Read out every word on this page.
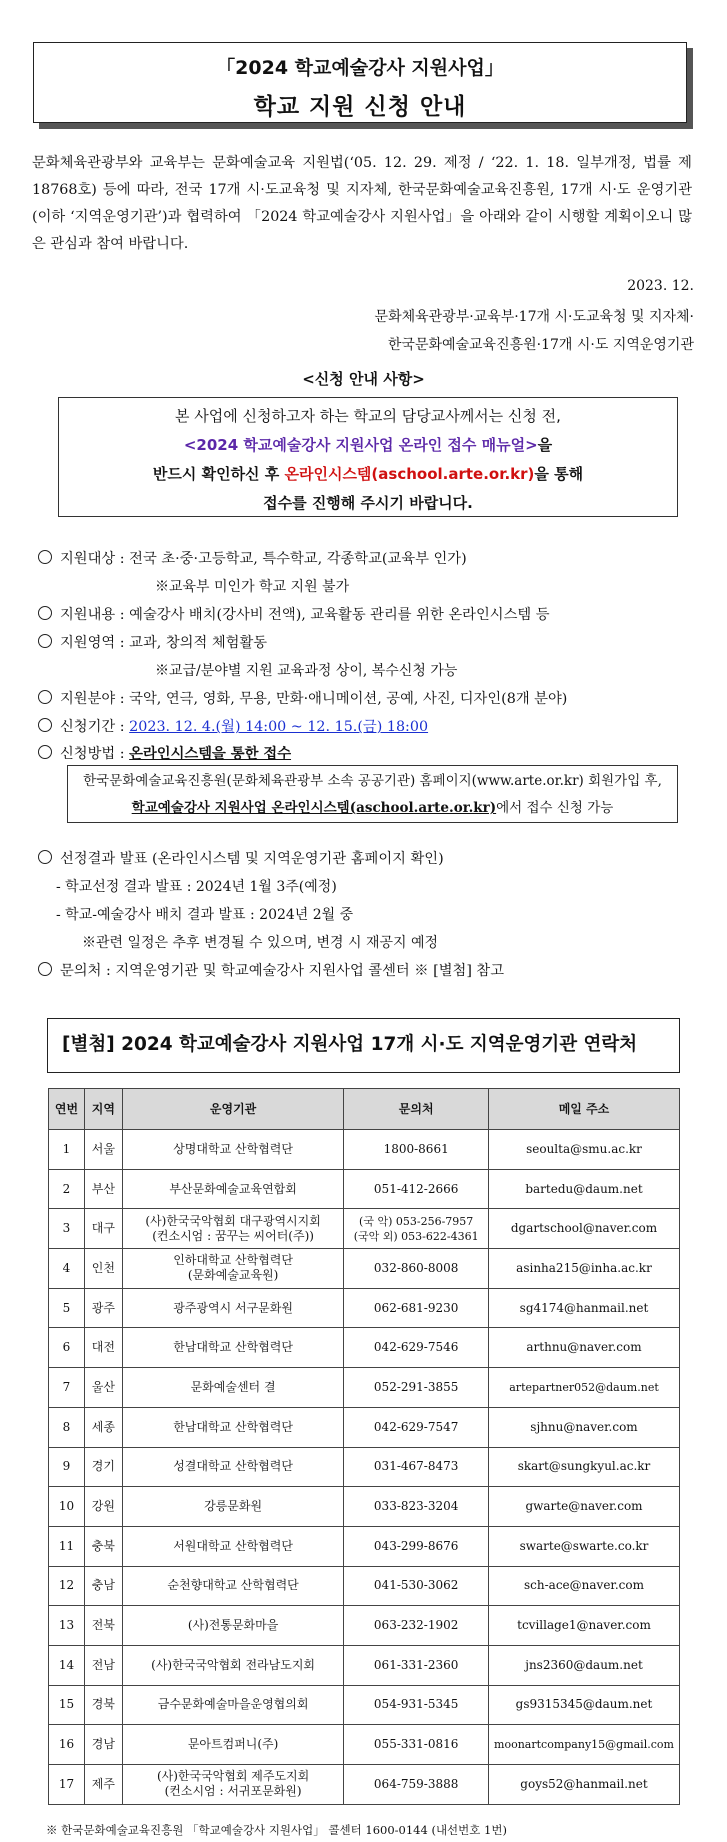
「2024 학교예술강사 지원사업」
학교 지원 신청 안내
문화체육관광부와 교육부는 문화예술교육 지원법(‘05. 12. 29. 제정 / ‘22. 1. 18. 일부개정, 법률 제18768호) 등에 따라, 전국 17개 시·도교육청 및 지자체, 한국문화예술교육진흥원, 17개 시·도 운영기관(이하 ‘지역운영기관’)과 협력하여 「2024 학교예술강사 지원사업」을 아래와 같이 시행할 계획이오니 많은 관심과 참여 바랍니다.
2023. 12.
문화체육관광부·교육부·17개 시·도교육청 및 지자체·
한국문화예술교육진흥원·17개 시·도 지역운영기관
<신청 안내 사항>
본 사업에 신청하고자 하는 학교의 담당교사께서는 신청 전,
<2024 학교예술강사 지원사업 온라인 접수 매뉴얼>을
반드시 확인하신 후 온라인시스템(aschool.arte.or.kr)을 통해
접수를 진행해 주시기 바랍니다.
지원대상 : 전국 초·중·고등학교, 특수학교, 각종학교(교육부 인가)
※교육부 미인가 학교 지원 불가
지원내용 : 예술강사 배치(강사비 전액), 교육활동 관리를 위한 온라인시스템 등
지원영역 : 교과, 창의적 체험활동
※교급/분야별 지원 교육과정 상이, 복수신청 가능
지원분야 : 국악, 연극, 영화, 무용, 만화·애니메이션, 공예, 사진, 디자인(8개 분야)
신청기간 : 2023. 12. 4.(월) 14:00 ~ 12. 15.(금) 18:00
신청방법 : 온라인시스템을 통한 접수
한국문화예술교육진흥원(문화체육관광부 소속 공공기관) 홈페이지(www.arte.or.kr) 회원가입 후,
학교예술강사 지원사업 온라인시스템(aschool.arte.or.kr)에서 접수 신청 가능
선정결과 발표 (온라인시스템 및 지역운영기관 홈페이지 확인)
- 학교선정 결과 발표 : 2024년 1월 3주(예정)
- 학교-예술강사 배치 결과 발표 : 2024년 2월 중
※관련 일정은 추후 변경될 수 있으며, 변경 시 재공지 예정
문의처 : 지역운영기관 및 학교예술강사 지원사업 콜센터 ※ [별첨] 참고
[별첨] 2024 학교예술강사 지원사업 17개 시·도 지역운영기관 연락처
연번	지역	운영기관	문의처	메일 주소
1	서울	상명대학교 산학협력단	1800-8661	seoulta@smu.ac.kr
2	부산	부산문화예술교육연합회	051-412-2666	bartedu@daum.net
3	대구	(사)한국국악협회 대구광역시지회
(컨소시엄 : 꿈꾸는 씨어터(주))	(국 악) 053-256-7957
(국악 외) 053-622-4361	dgartschool@naver.com
4	인천	인하대학교 산학협력단
(문화예술교육원)	032-860-8008	asinha215@inha.ac.kr
5	광주	광주광역시 서구문화원	062-681-9230	sg4174@hanmail.net
6	대전	한남대학교 산학협력단	042-629-7546	arthnu@naver.com
7	울산	문화예술센터 결	052-291-3855	artepartner052@daum.net
8	세종	한남대학교 산학협력단	042-629-7547	sjhnu@naver.com
9	경기	성결대학교 산학협력단	031-467-8473	skart@sungkyul.ac.kr
10	강원	강릉문화원	033-823-3204	gwarte@naver.com
11	충북	서원대학교 산학협력단	043-299-8676	swarte@swarte.co.kr
12	충남	순천향대학교 산학협력단	041-530-3062	sch-ace@naver.com
13	전북	(사)전통문화마을	063-232-1902	tcvillage1@naver.com
14	전남	(사)한국국악협회 전라남도지회	061-331-2360	jns2360@daum.net
15	경북	금수문화예술마을운영협의회	054-931-5345	gs9315345@daum.net
16	경남	문아트컴퍼니(주)	055-331-0816	moonartcompany15@gmail.com
17	제주	(사)한국국악협회 제주도지회
(컨소시엄 : 서귀포문화원)	064-759-3888	goys52@hanmail.net
※ 한국문화예술교육진흥원 「학교예술강사 지원사업」 콜센터 1600-0144 (내선번호 1번)
